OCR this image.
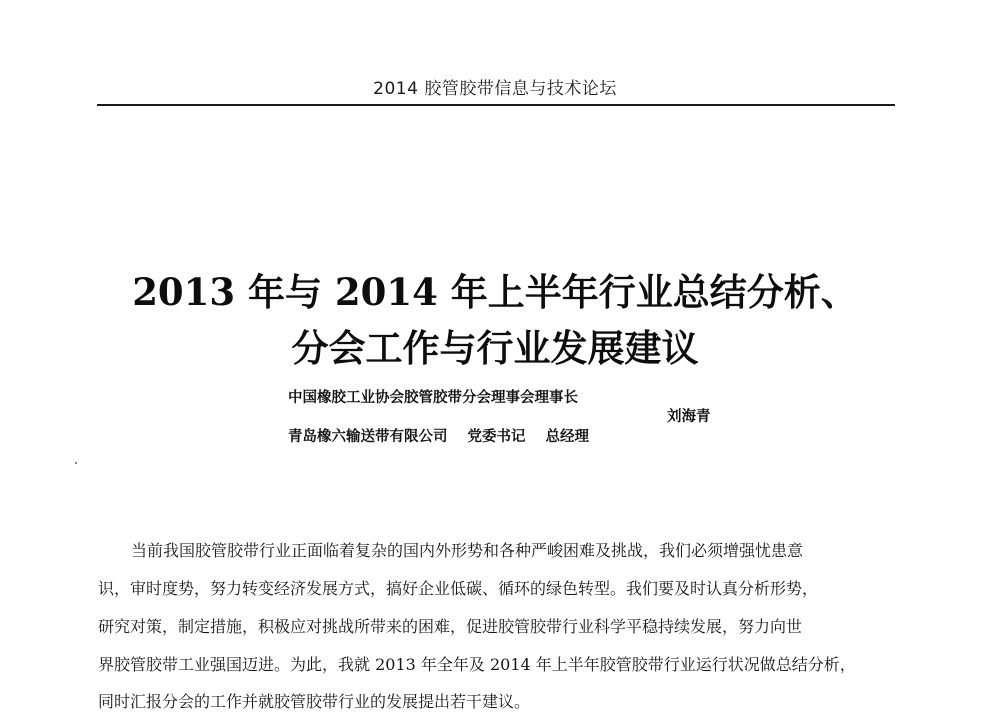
2014 胶管胶带信息与技术论坛
2013 年与 2014 年上半年行业总结分析、
分会工作与行业发展建议
中国橡胶工业协会胶管胶带分会理事会理事长
青岛橡六输送带有限公司 党委书记 总经理
刘海青
当前我国胶管胶带行业正面临着复杂的国内外形势和各种严峻困难及挑战，我们必须增强忧患意
识，审时度势，努力转变经济发展方式，搞好企业低碳、循环的绿色转型。我们要及时认真分析形势，
研究对策，制定措施，积极应对挑战所带来的困难，促进胶管胶带行业科学平稳持续发展，努力向世
界胶管胶带工业强国迈进。为此，我就 2013 年全年及 2014 年上半年胶管胶带行业运行状况做总结分析，
同时汇报分会的工作并就胶管胶带行业的发展提出若干建议。
